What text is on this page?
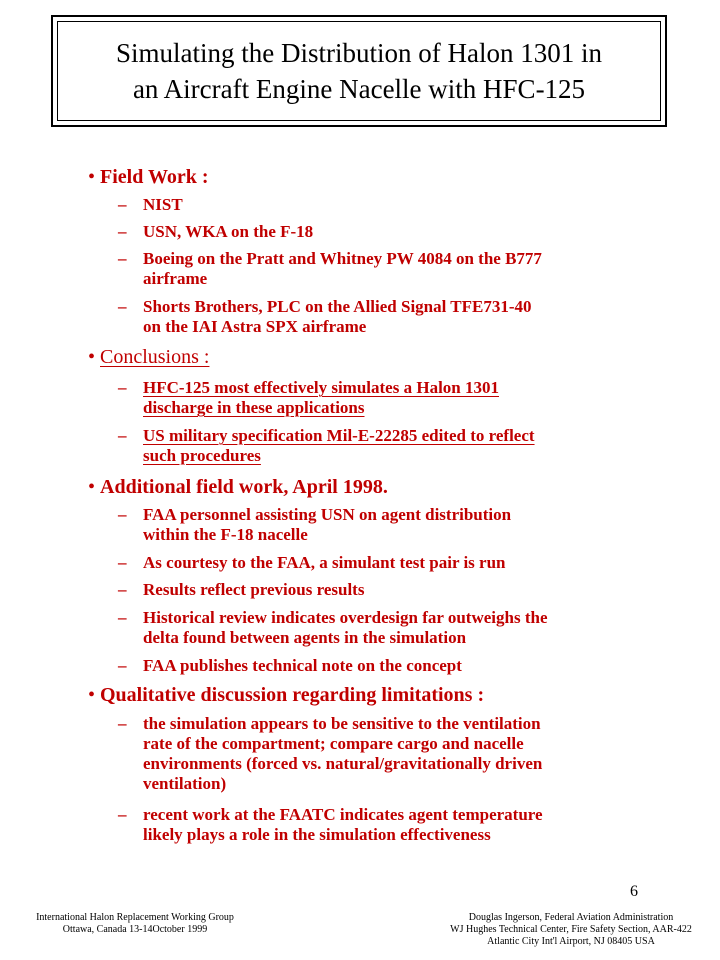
Simulating the Distribution of Halon 1301 in
an Aircraft Engine Nacelle with HFC-125
• Field Work :
– NIST
– USN, WKA on the F-18
– Boeing on the Pratt and Whitney PW 4084 on the B777
airframe
– Shorts Brothers, PLC on the Allied Signal TFE731-40
on the IAI Astra SPX airframe
• Conclusions :
– HFC-125 most effectively simulates a Halon 1301
discharge in these applications
– US military specification Mil-E-22285 edited to reflect
such procedures
• Additional field work, April 1998.
– FAA personnel assisting USN on agent distribution
within the F-18 nacelle
– As courtesy to the FAA, a simulant test pair is run
– Results reflect previous results
– Historical review indicates overdesign far outweighs the
delta found between agents in the simulation
– FAA publishes technical note on the concept
• Qualitative discussion regarding limitations :
– the simulation appears to be sensitive to the ventilation
rate of the compartment; compare cargo and nacelle
environments (forced vs. natural/gravitationally driven
ventilation)
– recent work at the FAATC indicates agent temperature
likely plays a role in the simulation effectiveness
6
International Halon Replacement Working Group
Ottawa, Canada 13-14October 1999
Douglas Ingerson, Federal Aviation Administration
WJ Hughes Technical Center, Fire Safety Section, AAR-422
Atlantic City Int'l Airport, NJ 08405 USA
